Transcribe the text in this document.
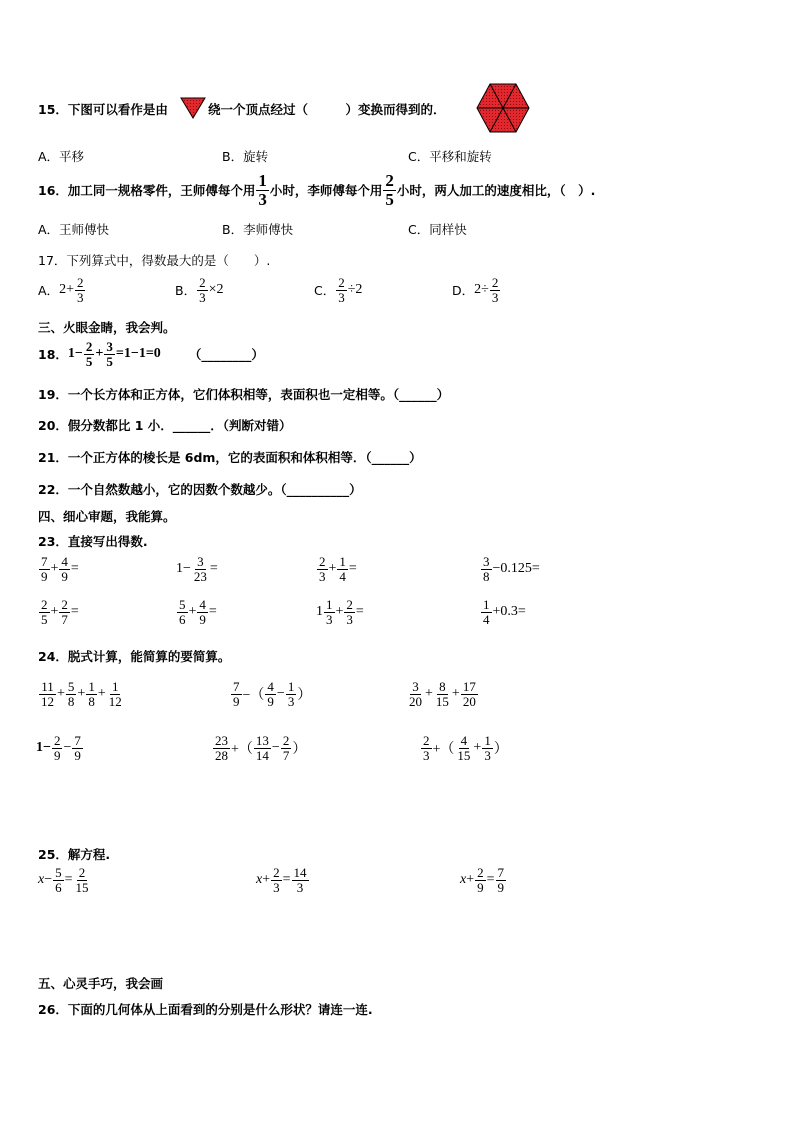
15．下图可以看作是由	绕一个顶点经过（　　　）变换而得到的．
A．平移	B．旋转	C．平移和旋转
16．加工同一规格零件，王师傅每个用 $\frac{1}{3}$ 小时，李师傅每个用 $\frac{2}{5}$ 小时，两人加工的速度相比，（　）.
A．王师傅快	B．李师傅快	C．同样快
17．下列算式中，得数最大的是（　　）.
A． $2+ \frac{2}{3}$	B． $\frac{2}{3} \times 2$	C． $\frac{2}{3} \div 2$	D． $2\div \frac{2}{3}$
三、火眼金睛，我会判。
18． $1- \frac{2}{5} + \frac{3}{5} =1-1=0$ （________）
19．一个长方体和正方体，它们体积相等，表面积也一定相等。（______）
20．假分数都比 1 小．______．（判断对错）
21．一个正方体的棱长是 6dm，它的表面积和体积相等．（______）
22．一个自然数越小，它的因数个数越少。（__________）
四、细心审题，我能算。
23．直接写出得数.
$\frac{7}{9} + \frac{4}{9}$ =	$1- \frac{3}{23}$ =	$\frac{2}{3} + \frac{1}{4}$ =	$\frac{3}{8} -0.125$ =
$\frac{2}{5} + \frac{2}{7}$ =	$\frac{5}{6} + \frac{4}{9}$ =	$1 \frac{1}{3} + \frac{2}{3}$ =	$\frac{1}{4} +0.3$ =
24．脱式计算，能简算的要简算。
$\frac{11}{12} + \frac{5}{8} + \frac{1}{8} + \frac{1}{12}$	$\frac{7}{9}$ −（ $\frac{4}{9} - \frac{1}{3}$ ）	$\frac{3}{20} + \frac{8}{15} + \frac{17}{20}$
$1- \frac{2}{9} - \frac{7}{9}$	$\frac{23}{28}$ +（ $\frac{13}{14} - \frac{2}{7}$ ）	$\frac{2}{3}$ +（ $\frac{4}{15} + \frac{1}{3}$ ）
25．解方程.
$x - \frac{5}{6} = \frac{2}{15}$	$x + \frac{2}{3} = \frac{14}{3}$	$x + \frac{2}{9} = \frac{7}{9}$
五、心灵手巧，我会画
26．下面的几何体从上面看到的分别是什么形状？请连一连.
